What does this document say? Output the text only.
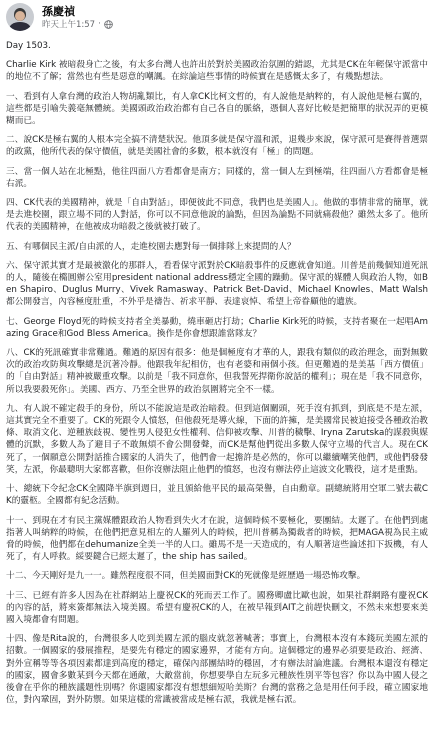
孫慶禎
昨天上午1:57 ·

Day 1503.

Charlie Kirk 被暗殺身亡之後，有太多台灣人也許出於對於美國政治氛圍的錯認，尤其是CK在年輕保守派當中的地位不了解；當然也有些是惡意的嘲諷。在綜論這些事情的時候實在是感慨太多了，有幾點想法。

一、看到有人拿台灣的政治人物胡亂類比，有人拿CK比柯文哲的，有人說他是納粹的，有人說他是極右翼的，這些都是引喻失義毫無體統。美國頭政治政治都有自己各自的脈絡，憑個人喜好比較是把簡單的狀況弄的更模糊而已。

二、說CK是極右翼的人根本完全搞不清楚狀況。他頂多就是保守溫和派，退幾步來說，保守派可是賽得普選票的政黨，他所代表的保守價值，就是美國社會的多數，根本就沒有「極」的問題。

三、當一個人站在北極點，他往四面八方看都會是南方；同樣的，當一個人左到極端，往四面八方看都會是極右派。

四、CK代表的美國精神，就是「自由對話」，即便彼此不同意，我們也是美國人」。他做的事情非常的簡單，就是去進校園，跟立場不同的人對話，你可以不同意他說的論點，但因為論點不同就痛殺他？雖然太多了。他所代表的美國精神，在他被成功暗殺之後就被打破了。

五、有哪個民主派/自由派的人，走進校園去應對每一個排隊上來提問的人？

六、保守派其實才是最被激化的那群人，看看保守派對於CK暗殺事件的反應就會知道。川普是前幾個知道死訊的人，隨後在橢圓辦公室用president national address穩定全國的躁動。保守派的媒體人與政治人物，如Ben Shapiro、Duglus Murry、Vivek Ramasway、Patrick Bet-David、Michael Knowles、Matt Walsh都公開發言，內容極度肚重，不外乎是禱告、祈求平靜、表達哀悼、希望上帝眷顧他的遺族。

七、George Floyd死的時候支持者全美暴動，燒車砸店打劫；Charlie Kirk死的時候，支持者聚在一起唱Amazing Grace和God Bless America。換作是你會想跟誰當隊友？

八、CK的死訊確實非常難過。難過的原因有很多：他是個極度有才華的人，跟我有類似的政治理念，面對無數次的政治攻防與攻擊總是沉著冷靜。他跟我年紀相仿，也有老婆和兩個小孩。但更難過的是美基「西方價值」的「自由對話」精神被嚴重攻擊。以前是「我不同意你，但我誓死捍衛你說話的權利」；現在是「我不同意你，所以我要殺死你」。美國、西方、乃至全世界的政治氛圍將完全不一樣。

九、有人說不確定殺手的身份，所以不能說這是政治暗殺。但到這個關頭，死手沒有抓到，到底是不是左派，這其實完全不重要了。CK的死跟令人憤怒，但他殺死是導火線，下面的許擁，是美國常民被迫接受各種政治教條、取消文化、逆種族歧視、變性男人侵犯女性權利、信仰被攻擊、川普的穢擊、Iryna Zarutska的謀殺與媒體的沉默，多數人為了避目子不敢無煩不會公開發聲，而CK是幫他們從出多數人保守立場的代言人。現在CK死了，一個願意公開對話推合國家的人消失了，他們會一起擔許是必然的，你可以繼續嘲笑他們，或他們發發笑，左派，你最聰明大家都喜歡，但你沒辦法阻止他們的憤怒，也沒有辦法停止這波文化戰役，這才是重點。

十、總統下令紀念CK全國降半旗到週日，並且頒給他平民的最高榮譽，自由勳章。副總統將用空軍二號去載CK的靈柩。全國都有紀念活動。

十一、到現在才有民主黨媒體跟政治人物看到失火才在說，這個時候不要極化，要團結。太遲了。在他們到處指著人叫納粹的時候，在他們把意見相左的人羅列人的時候，把川普稱為獨裁者的時候，把MAGA視為民主威脅的時候，他們都在dehumanize全美一半的人口。雖馬不是一天造成的，有人順著這些論述扣下扳機，有人死了，有人呼救。綏要鍵合已經太遲了，the ship has sailed。

十二、今天剛好是九一一。雖然程度很不同，但美國面對CK的死就像是經歷過一場恐怖攻擊。

十三、已經有許多人因為在社群網站上慶祝CK的死而丟工作了。國務卿盧比歐也說，如果社群網路有慶祝CK的內容的話，將來簽都無法入境美國。希望有慶祝CK的人，在被早報到AIT之前趕快刪文，不然未來想要來美國入境都會有問題。

十四、像是Rita說的，台灣很多人吃到美國左派的腦皮就忽著喊著；事實上，台灣根本沒有本錢玩美國左派的招數。一個國家的發展推程，是要先有穩定的國家邊界，才能有方向。這個穩定的邊界必須要是政治、經濟、對外宣稱等等各項因素都達到高度的穩定，確保內部團結時的穩固，才有辦法討論進議。台灣根本還沒有穩定的國家，國會多數某到今天都在通敵，大敵當前，你想要學自左玩多元種族性別平等包容？你以為中國人侵之後會在乎你的種族議題性別嗎？你還國家都沒有想想細短哈美斯？台灣的當務之急是用任何手段，確立國家地位，對內鞏固，對外防禦。如果這樣的常識被當成是極右派，我就是極右派。
